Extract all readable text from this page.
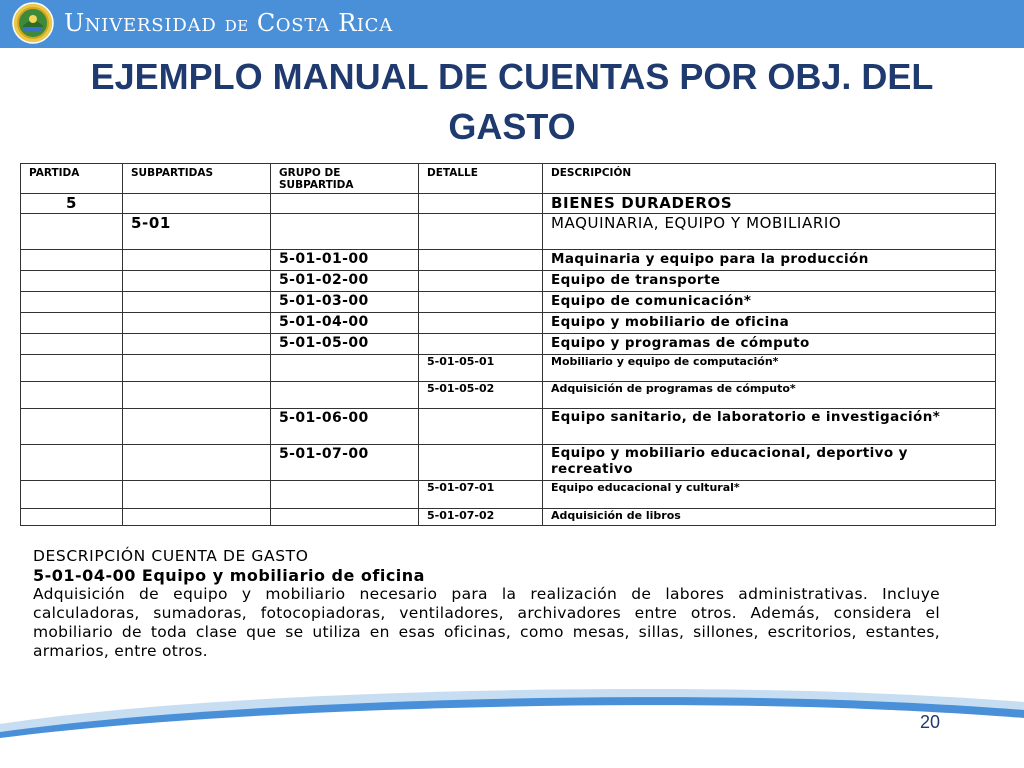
UNIVERSIDAD DE COSTA RICA
EJEMPLO MANUAL DE CUENTAS POR OBJ. DEL
GASTO
PARTIDA	SUBPARTIDAS	GRUPO DE SUBPARTIDA	DETALLE	DESCRIPCIÓN
5				BIENES DURADEROS
	5-01			MAQUINARIA, EQUIPO Y MOBILIARIO
		5-01-01-00		Maquinaria y equipo para la producción
		5-01-02-00		Equipo de transporte
		5-01-03-00		Equipo de comunicación*
		5-01-04-00		Equipo y mobiliario de oficina
		5-01-05-00		Equipo y programas de cómputo
			5-01-05-01	Mobiliario y equipo de computación*
			5-01-05-02	Adquisición de programas de cómputo*
		5-01-06-00		Equipo sanitario, de laboratorio e investigación*
		5-01-07-00		Equipo y mobiliario educacional, deportivo y recreativo
			5-01-07-01	Equipo educacional y cultural*
			5-01-07-02	Adquisición de libros
DESCRIPCIÓN CUENTA DE GASTO
5-01-04-00 Equipo y mobiliario de oficina
Adquisición de equipo y mobiliario necesario para la realización de labores administrativas. Incluye calculadoras, sumadoras, fotocopiadoras, ventiladores, archivadores entre otros. Además, considera el mobiliario de toda clase que se utiliza en esas oficinas, como mesas, sillas, sillones, escritorios, estantes, armarios, entre otros.
20
